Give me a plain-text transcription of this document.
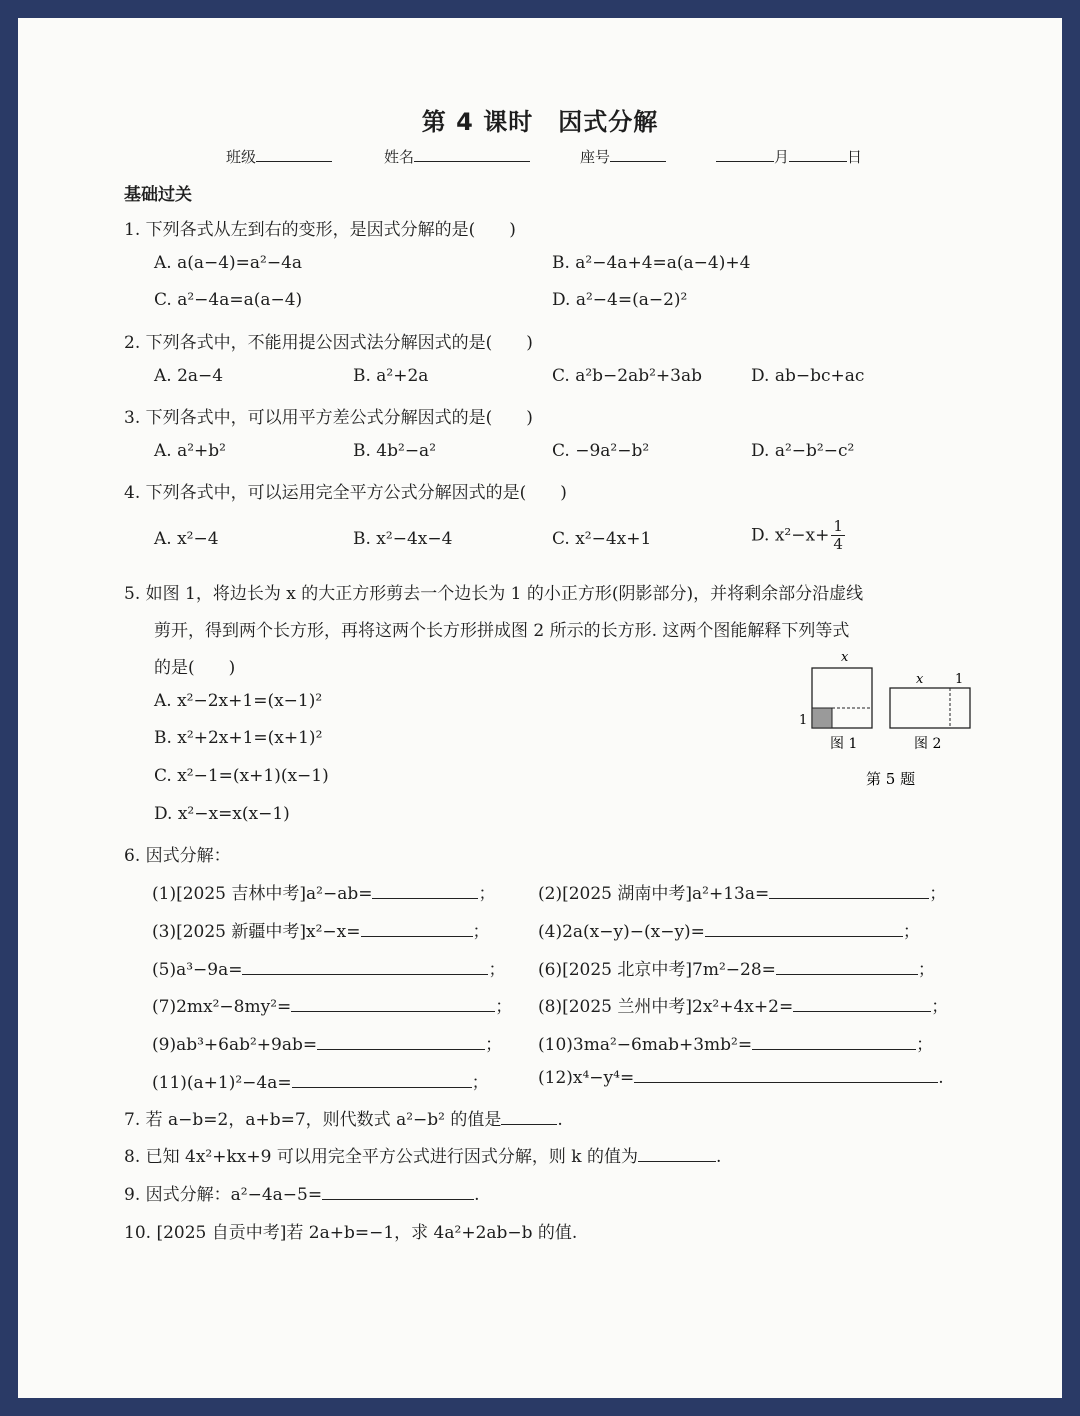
第 4 课时　因式分解
班级	姓名	座号	月	日
基础过关
1. 下列各式从左到右的变形，是因式分解的是(　　)
A. a(a−4)=a²−4a	B. a²−4a+4=a(a−4)+4
C. a²−4a=a(a−4)	D. a²−4=(a−2)²
2. 下列各式中，不能用提公因式法分解因式的是(　　)
A. 2a−4	B. a²+2a	C. a²b−2ab²+3ab	D. ab−bc+ac
3. 下列各式中，可以用平方差公式分解因式的是(　　)
A. a²+b²	B. 4b²−a²	C. −9a²−b²	D. a²−b²−c²
4. 下列各式中，可以运用完全平方公式分解因式的是(　　)
A. x²−4	B. x²−4x−4	C. x²−4x+1	D. $x^2-x+ \frac{1}{4}$
5. 如图 1，将边长为 x 的大正方形剪去一个边长为 1 的小正方形(阴影部分)，并将剩余部分沿虚线
剪开，得到两个长方形，再将这两个长方形拼成图 2 所示的长方形. 这两个图能解释下列等式
的是(　　)
A. x²−2x+1=(x−1)²
B. x²+2x+1=(x+1)²
C. x²−1=(x+1)(x−1)
D. x²−x=x(x−1)
x
1
图 1
x 1
图 2
第 5 题
6. 因式分解：
(1)[2025 吉林中考]a²−ab=	；	(2)[2025 湖南中考]a²+13a=	；
(3)[2025 新疆中考]x²−x=	；	(4)2a(x−y)−(x−y)=	；
(5)a³−9a=	； (6)[2025 北京中考]7m²−28=	；
(7)2mx²−8my²=	； (8)[2025 兰州中考]2x²+4x+2=	；
(9)ab³+6ab²+9ab=	； (10)3ma²−6mab+3mb²=	；
(11)(a+1)²−4a=	；	(12)x⁴−y⁴=	.
7. 若 a−b=2，a+b=7，则代数式 a²−b² 的值是	.
8. 已知 4x²+kx+9 可以用完全平方公式进行因式分解，则 k 的值为	.
9. 因式分解：a²−4a−5=	.
10. [2025 自贡中考]若 2a+b=−1，求 4a²+2ab−b 的值.
